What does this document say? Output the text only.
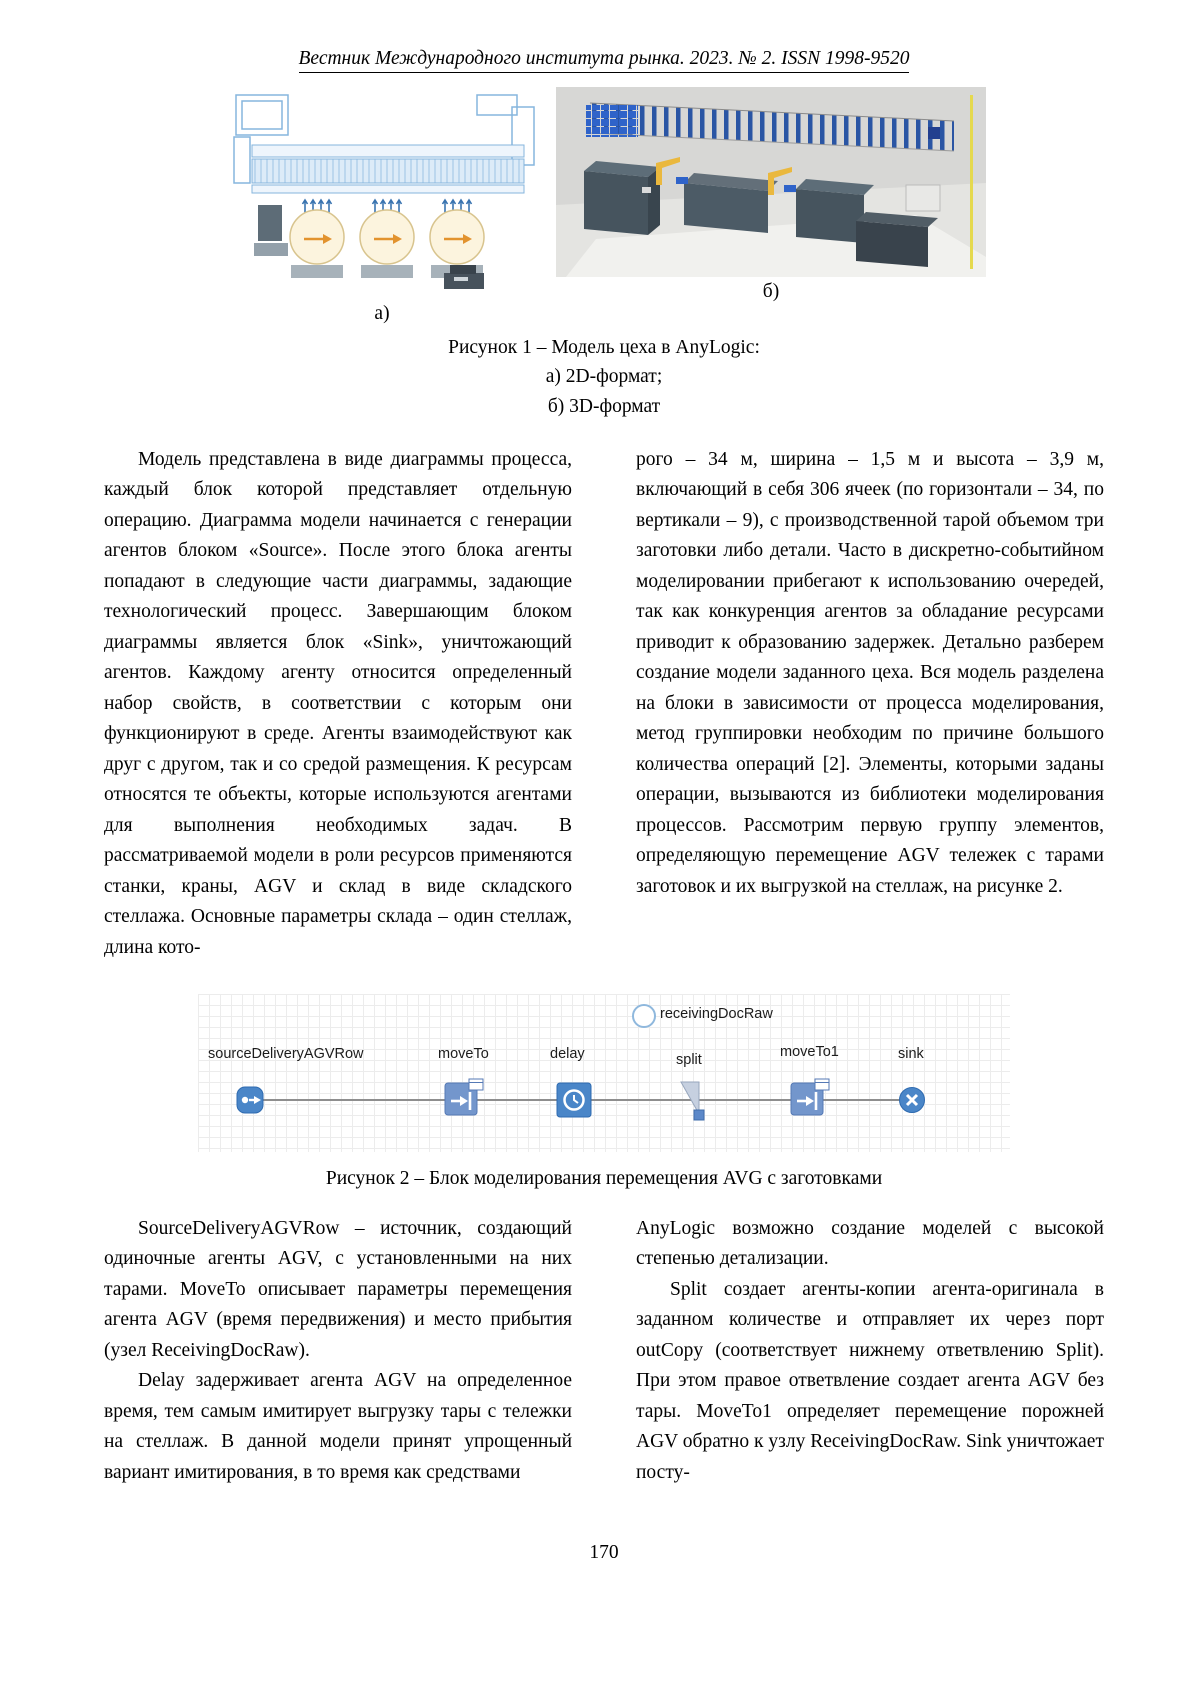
Вестник Международного института рынка. 2023. № 2. ISSN 1998-9520
а)
б)
Рисунок 1 – Модель цеха в AnyLogic:
а) 2D-формат;
б) 3D-формат

Модель представлена в виде диаграммы процесса, каждый блок которой представляет отдельную операцию. Диаграмма модели начинается с генерации агентов блоком «Source». После этого блока агенты попадают в следующие части диаграммы, задающие технологический процесс. Завершающим блоком диаграммы является блок «Sink», уничтожающий агентов. Каждому агенту относится определенный набор свойств, в соответствии с которым они функционируют в среде. Агенты взаимодействуют как друг с другом, так и со средой размещения. К ресурсам относятся те объекты, которые используются агентами для выполнения необходимых задач. В рассматриваемой модели в роли ресурсов применяются станки, краны, AGV и склад в виде складского стеллажа. Основные параметры склада – один стеллаж, длина кото-

рого – 34 м, ширина – 1,5 м и высота – 3,9 м, включающий в себя 306 ячеек (по горизонтали – 34, по вертикали – 9), с производственной тарой объемом три заготовки либо детали. Часто в дискретно-событийном моделировании прибегают к использованию очередей, так как конкуренция агентов за обладание ресурсами приводит к образованию задержек. Детально разберем создание модели заданного цеха. Вся модель разделена на блоки в зависимости от процесса моделирования, метод группировки необходим по причине большого количества операций [2]. Элементы, которыми заданы операции, вызываются из библиотеки моделирования процессов. Рассмотрим первую группу элементов, определяющую перемещение AGV тележек с тарами заготовок и их выгрузкой на стеллаж, на рисунке 2.

receivingDocRaw
sourceDeliveryAGVRow	moveTo	delay	split	moveTo1	sink
Рисунок 2 – Блок моделирования перемещения AVG с заготовками

SourceDeliveryAGVRow – источник, создающий одиночные агенты AGV, с установленными на них тарами. MoveTo описывает параметры перемещения агента AGV (время передвижения) и место прибытия (узел ReceivingDocRaw).

Delay задерживает агента AGV на определенное время, тем самым имитирует выгрузку тары с тележки на стеллаж. В данной модели принят упрощенный вариант имитирования, в то время как средствами

AnyLogic возможно создание моделей с высокой степенью детализации.

Split создает агенты-копии агента-оригинала в заданном количестве и отправляет их через порт outCopy (соответствует нижнему ответвлению Split). При этом правое ответвление создает агента AGV без тары. MoveTo1 определяет перемещение порожней AGV обратно к узлу ReceivingDocRaw. Sink уничтожает посту-

170
